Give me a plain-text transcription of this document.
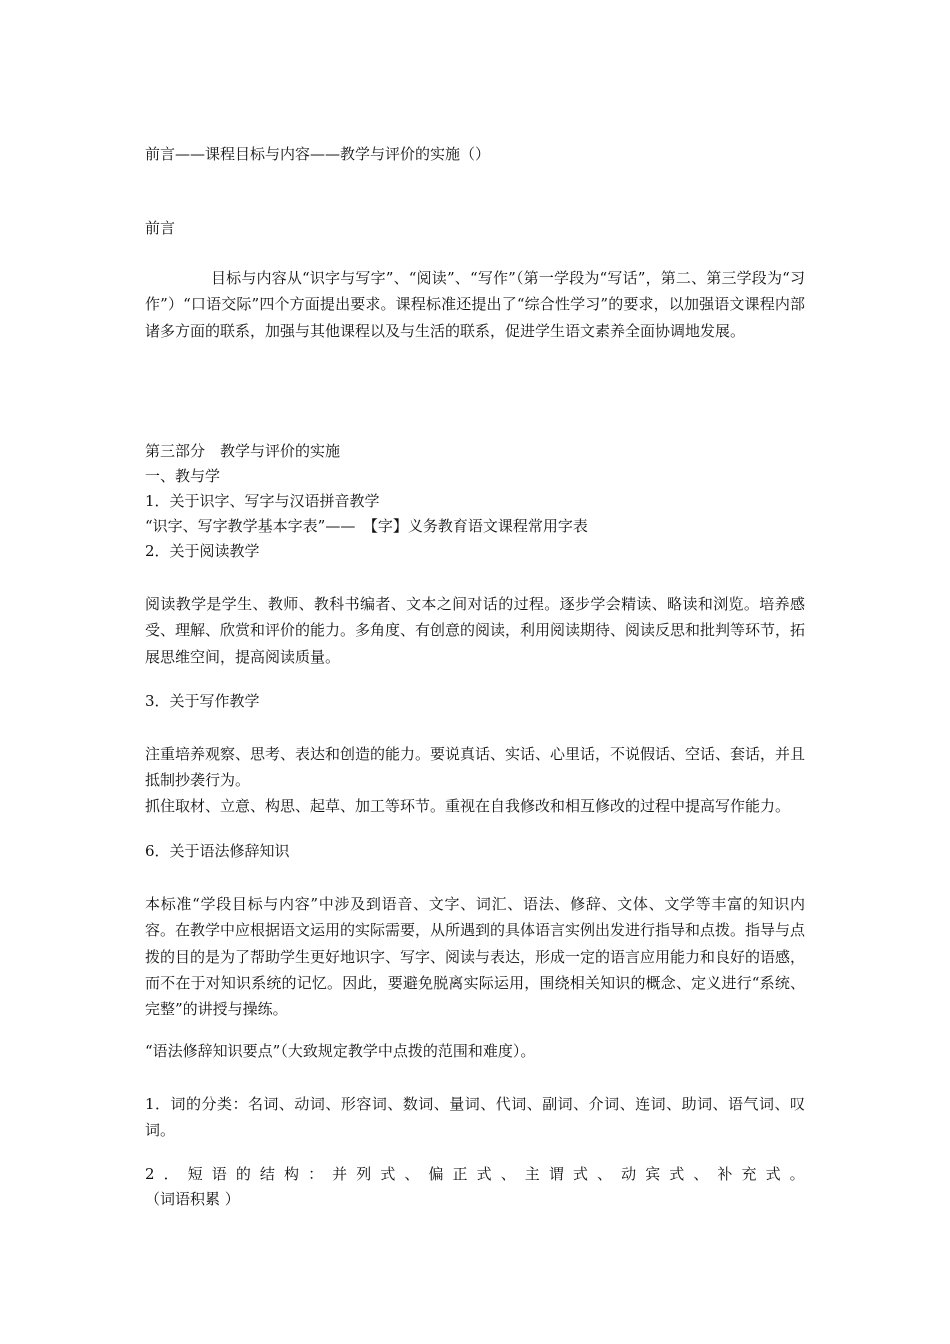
前言——课程目标与内容——教学与评价的实施（）

前言

目标与内容从“识字与写字”、“阅读”、“写作”（第一学段为“写话”，第二、第三学段为“习作”）“口语交际”四个方面提出要求。课程标准还提出了“综合性学习”的要求，以加强语文课程内部诸多方面的联系，加强与其他课程以及与生活的联系，促进学生语文素养全面协调地发展。

第三部分　教学与评价的实施

一、教与学

1．关于识字、写字与汉语拼音教学

“识字、写字教学基本字表”——　【字】义务教育语文课程常用字表

2．关于阅读教学

阅读教学是学生、教师、教科书编者、文本之间对话的过程。逐步学会精读、略读和浏览。培养感受、理解、欣赏和评价的能力。多角度、有创意的阅读，利用阅读期待、阅读反思和批判等环节，拓展思维空间，提高阅读质量。

3．关于写作教学

注重培养观察、思考、表达和创造的能力。要说真话、实话、心里话，不说假话、空话、套话，并且抵制抄袭行为。

抓住取材、立意、构思、起草、加工等环节。重视在自我修改和相互修改的过程中提高写作能力。

6．关于语法修辞知识

本标准“学段目标与内容”中涉及到语音、文字、词汇、语法、修辞、文体、文学等丰富的知识内容。在教学中应根据语文运用的实际需要，从所遇到的具体语言实例出发进行指导和点拨。指导与点拨的目的是为了帮助学生更好地识字、写字、阅读与表达，形成一定的语言应用能力和良好的语感，而不在于对知识系统的记忆。因此，要避免脱离实际运用，围绕相关知识的概念、定义进行“系统、完整”的讲授与操练。

“语法修辞知识要点”（大致规定教学中点拨的范围和难度）。

1．词的分类：名词、动词、形容词、数词、量词、代词、副词、介词、连词、助词、语气词、叹词。

2 ． 短 语 的 结 构 ： 并 列 式 、 偏 正 式 、 主 谓 式 、 动 宾 式 、 补 充 式 。

（词语积累 ）
